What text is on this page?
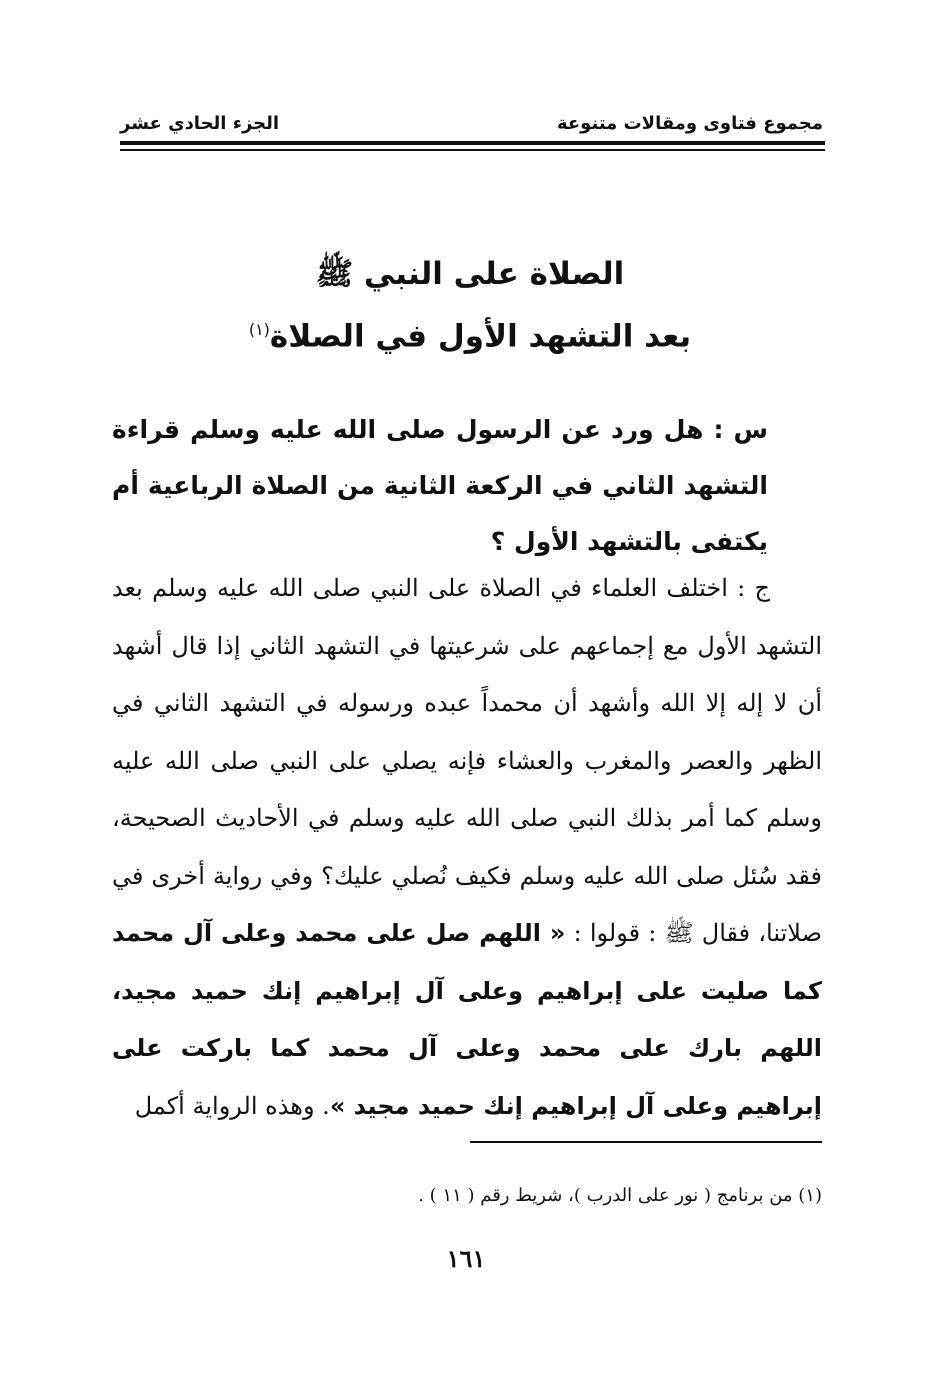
مجموع فتاوى ومقالات متنوعة
الجزء الحادي عشر
الصلاة على النبي ﷺ
بعد التشهد الأول في الصلاة$^{(١)}$
س : هل ورد عن الرسول صلى الله عليه وسلم قراءة التشهد الثاني في الركعة الثانية من الصلاة الرباعية أم يكتفى بالتشهد الأول ؟
ج : اختلف العلماء في الصلاة على النبي صلى الله عليه وسلم بعد التشهد الأول مع إجماعهم على شرعيتها في التشهد الثاني إذا قال أشهد أن لا إله إلا الله وأشهد أن محمداً عبده ورسوله في التشهد الثاني في الظهر والعصر والمغرب والعشاء فإنه يصلي على النبي صلى الله عليه وسلم كما أمر بذلك النبي صلى الله عليه وسلم في الأحاديث الصحيحة، فقد سُئل صلى الله عليه وسلم فكيف نُصلي عليك؟ وفي رواية أخرى في صلاتنا، فقال ﷺ : قولوا : « اللهم صل على محمد وعلى آل محمد كما صليت على إبراهيم وعلى آل إبراهيم إنك حميد مجيد، اللهم بارك على محمد وعلى آل محمد كما باركت على إبراهيم وعلى آل إبراهيم إنك حميد مجيد ». وهذه الرواية أكمل
(١) من برنامج ( نور على الدرب )، شريط رقم ( ١١ ) .
١٦١
